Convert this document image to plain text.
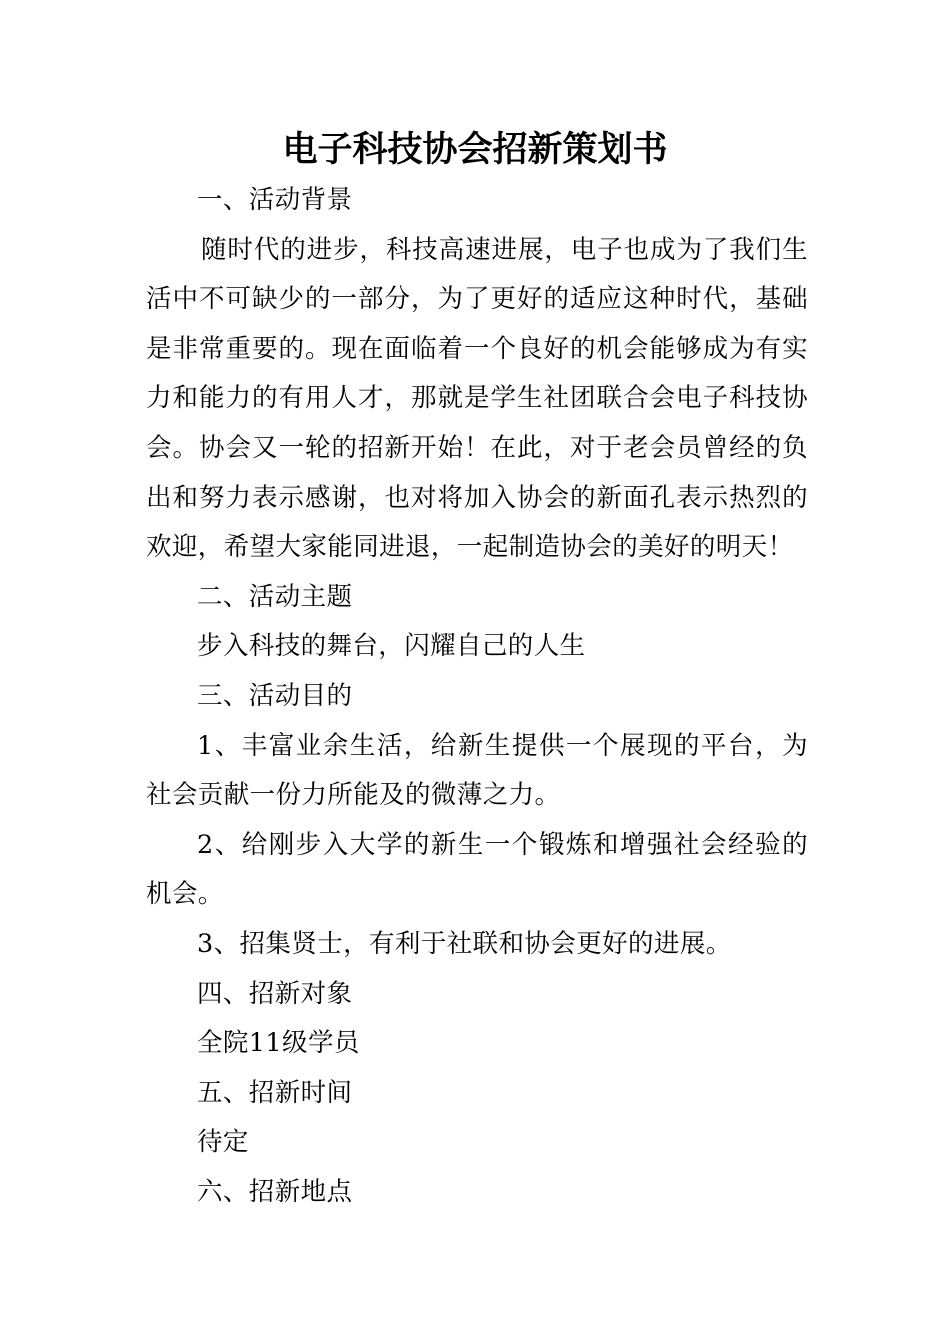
电子科技协会招新策划书

一、活动背景

随时代的进步，科技高速进展，电子也成为了我们生活中不可缺少的一部分，为了更好的适应这种时代，基础是非常重要的。现在面临着一个良好的机会能够成为有实力和能力的有用人才，那就是学生社团联合会电子科技协会。协会又一轮的招新开始！在此，对于老会员曾经的负出和努力表示感谢，也对将加入协会的新面孔表示热烈的欢迎，希望大家能同进退，一起制造协会的美好的明天！

二、活动主题

步入科技的舞台，闪耀自己的人生

三、活动目的

1、丰富业余生活，给新生提供一个展现的平台，为社会贡献一份力所能及的微薄之力。

2、给刚步入大学的新生一个锻炼和增强社会经验的机会。

3、招集贤士，有利于社联和协会更好的进展。

四、招新对象

全院11级学员

五、招新时间

待定

六、招新地点
